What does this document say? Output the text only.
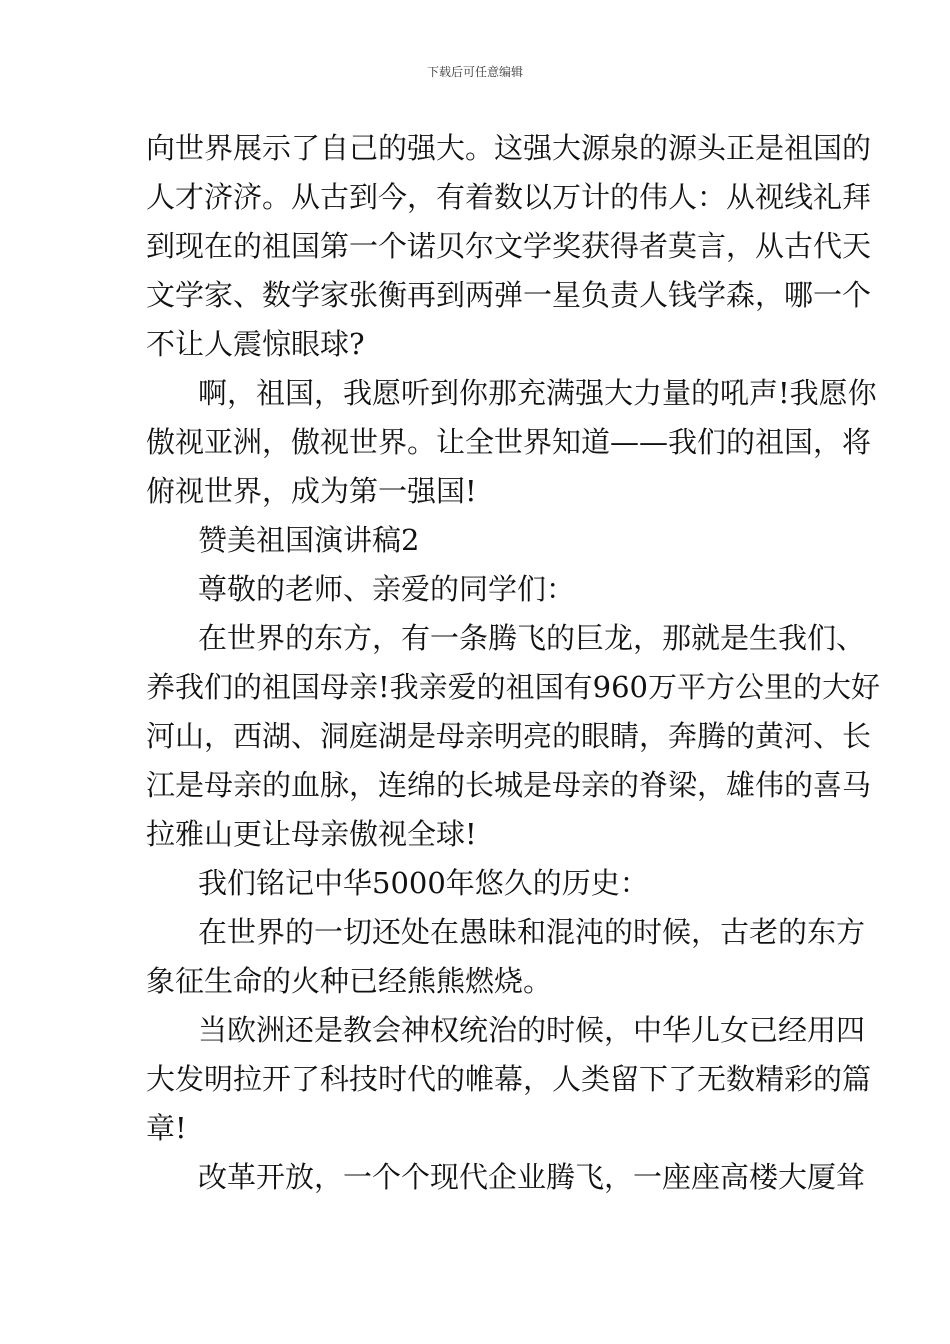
下载后可任意编辑
向世界展示了自己的强大。这强大源泉的源头正是祖国的
人才济济。从古到今，有着数以万计的伟人：从视线礼拜
到现在的祖国第一个诺贝尔文学奖获得者莫言，从古代天
文学家、数学家张衡再到两弹一星负责人钱学森，哪一个
不让人震惊眼球?
啊，祖国，我愿听到你那充满强大力量的吼声!我愿你
傲视亚洲，傲视世界。让全世界知道——我们的祖国，将
俯视世界，成为第一强国!
赞美祖国演讲稿2
尊敬的老师、亲爱的同学们：
在世界的东方，有一条腾飞的巨龙，那就是生我们、
养我们的祖国母亲!我亲爱的祖国有960万平方公里的大好
河山，西湖、洞庭湖是母亲明亮的眼睛，奔腾的黄河、长
江是母亲的血脉，连绵的长城是母亲的脊梁，雄伟的喜马
拉雅山更让母亲傲视全球!
我们铭记中华5000年悠久的历史：
在世界的一切还处在愚昧和混沌的时候，古老的东方
象征生命的火种已经熊熊燃烧。
当欧洲还是教会神权统治的时候，中华儿女已经用四
大发明拉开了科技时代的帷幕，人类留下了无数精彩的篇
章!
改革开放，一个个现代企业腾飞，一座座高楼大厦耸
